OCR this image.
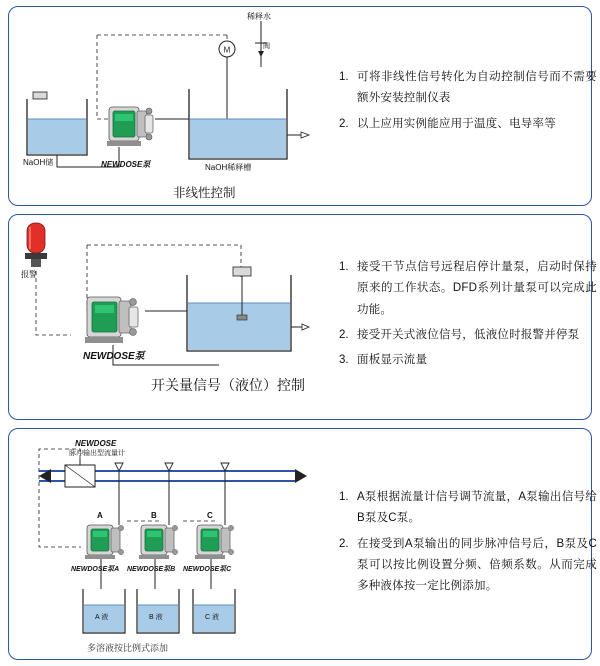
M
NaOH储	NEWDOSE泵	NaOH稀释槽
稀释水
阀
非线性控制
1. 可将非线性信号转化为自动控制信号而不需要额外安装控制仪表
2. 以上应用实例能应用于温度、电导率等
报警
NEWDOSE泵
开关量信号（液位）控制
1. 接受干节点信号远程启停计量泵，启动时保持原来的工作状态。DFD系列计量泵可以完成此功能。
2. 接受开关式液位信号，低液位时报警并停泵
3. 面板显示流量
NEWDOSE
脉冲输出型流量计
A	B	C
NEWDOSE泵A NEWDOSE泵B NEWDOSE泵C
A 液	B 液	C 液
多溶液按比例式添加
1. A泵根据流量计信号调节流量，A泵输出信号给B泵及C泵。
2. 在接受到A泵输出的同步脉冲信号后，B泵及C泵可以按比例设置分频、倍频系数。从而完成多种液体按一定比例添加。
